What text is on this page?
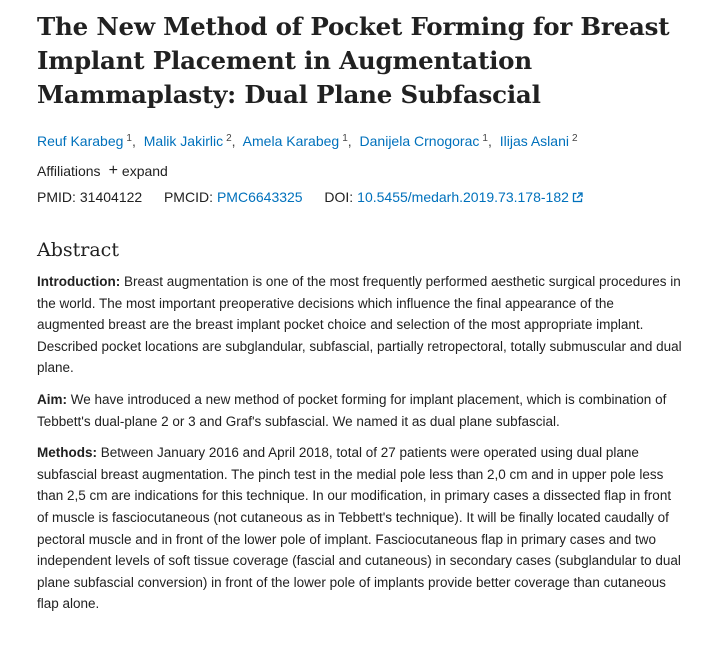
The New Method of Pocket Forming for Breast Implant Placement in Augmentation Mammaplasty: Dual Plane Subfascial
Reuf Karabeg $^1$, Malik Jakirlic $^2$, Amela Karabeg $^1$, Danijela Crnogorac $^1$, Ilijas Aslani $^2$
Affiliations + expand
PMID: 31404122 PMCID: PMC6643325 DOI: 10.5455/medarh.2019.73.178-182
Abstract

Introduction: Breast augmentation is one of the most frequently performed aesthetic surgical procedures in the world. The most important preoperative decisions which influence the final appearance of the augmented breast are the breast implant pocket choice and selection of the most appropriate implant. Described pocket locations are subglandular, subfascial, partially retropectoral, totally submuscular and dual plane.

Aim: We have introduced a new method of pocket forming for implant placement, which is combination of Tebbett's dual-plane 2 or 3 and Graf's subfascial. We named it as dual plane subfascial.

Methods: Between January 2016 and April 2018, total of 27 patients were operated using dual plane subfascial breast augmentation. The pinch test in the medial pole less than 2,0 cm and in upper pole less than 2,5 cm are indications for this technique. In our modification, in primary cases a dissected flap in front of muscle is fasciocutaneous (not cutaneous as in Tebbett's technique). It will be finally located caudally of pectoral muscle and in front of the lower pole of implant. Fasciocutaneous flap in primary cases and two independent levels of soft tissue coverage (fascial and cutaneous) in secondary cases (subglandular to dual plane subfascial conversion) in front of the lower pole of implants provide better coverage than cutaneous flap alone.
